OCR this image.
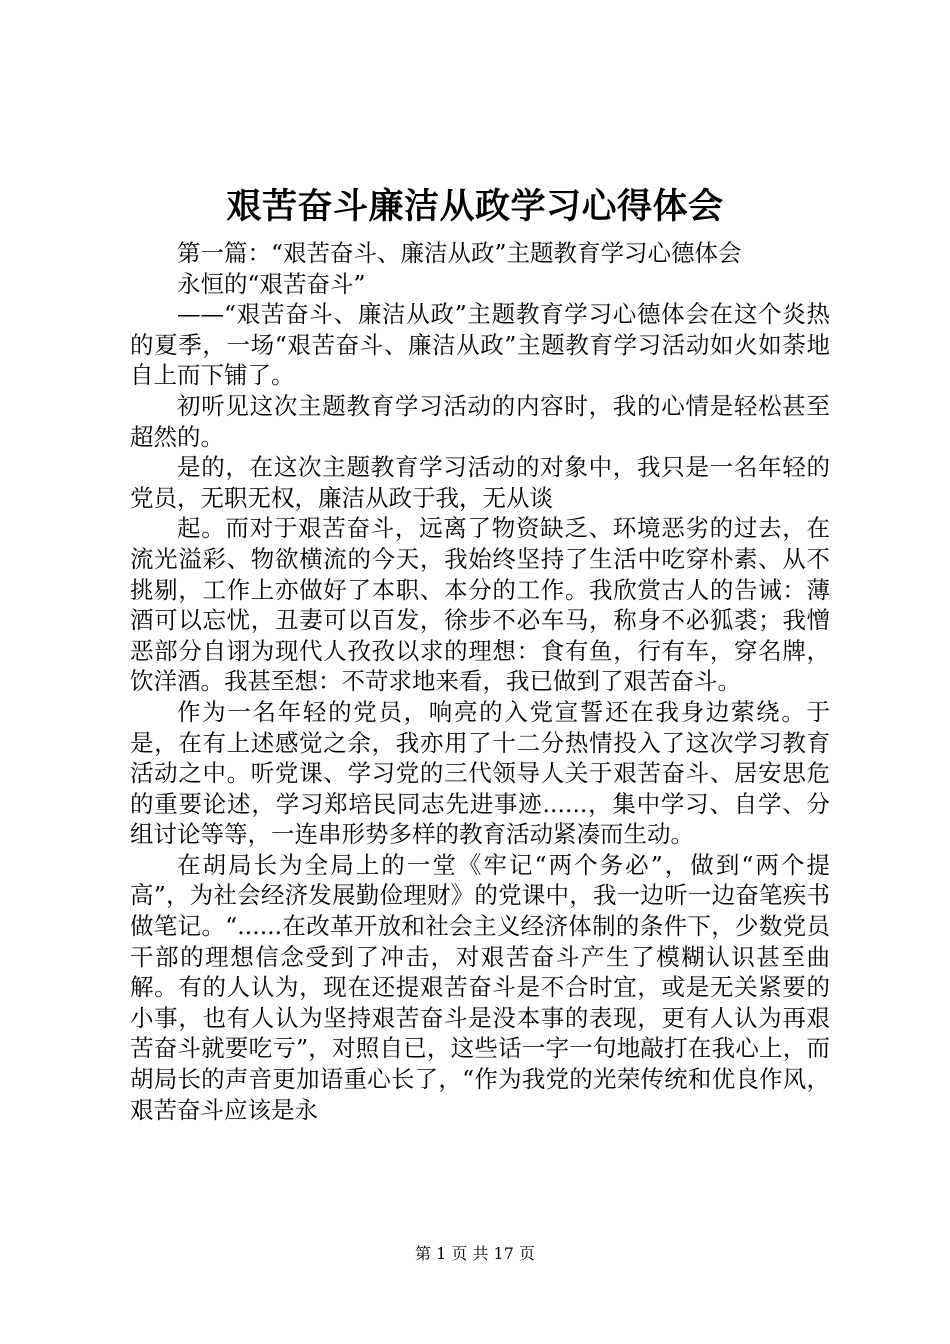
艰苦奋斗廉洁从政学习心得体会

第一篇：“艰苦奋斗、廉洁从政”主题教育学习心德体会

永恒的“艰苦奋斗”

——“艰苦奋斗、廉洁从政”主题教育学习心德体会在这个炎热的夏季，一场“艰苦奋斗、廉洁从政”主题教育学习活动如火如荼地自上而下铺了。

初听见这次主题教育学习活动的内容时，我的心情是轻松甚至超然的。

是的，在这次主题教育学习活动的对象中，我只是一名年轻的党员，无职无权，廉洁从政于我，无从谈

起。而对于艰苦奋斗，远离了物资缺乏、环境恶劣的过去，在流光溢彩、物欲横流的今天，我始终坚持了生活中吃穿朴素、从不挑剔，工作上亦做好了本职、本分的工作。我欣赏古人的告诫：薄酒可以忘忧，丑妻可以百发，徐步不必车马，称身不必狐裘；我憎恶部分自诩为现代人孜孜以求的理想：食有鱼，行有车，穿名牌，饮洋酒。我甚至想：不苛求地来看，我已做到了艰苦奋斗。

作为一名年轻的党员，响亮的入党宣誓还在我身边萦绕。于是，在有上述感觉之余，我亦用了十二分热情投入了这次学习教育活动之中。听党课、学习党的三代领导人关于艰苦奋斗、居安思危的重要论述，学习郑培民同志先进事迹......，集中学习、自学、分组讨论等等，一连串形势多样的教育活动紧凑而生动。

在胡局长为全局上的一堂《牢记“两个务必”，做到“两个提高”，为社会经济发展勤俭理财》的党课中，我一边听一边奋笔疾书做笔记。“......在改革开放和社会主义经济体制的条件下，少数党员干部的理想信念受到了冲击，对艰苦奋斗产生了模糊认识甚至曲解。有的人认为，现在还提艰苦奋斗是不合时宜，或是无关紧要的小事，也有人认为坚持艰苦奋斗是没本事的表现，更有人认为再艰苦奋斗就要吃亏”，对照自已，这些话一字一句地敲打在我心上，而胡局长的声音更加语重心长了，“作为我党的光荣传统和优良作风，艰苦奋斗应该是永

第 1 页 共 17 页
